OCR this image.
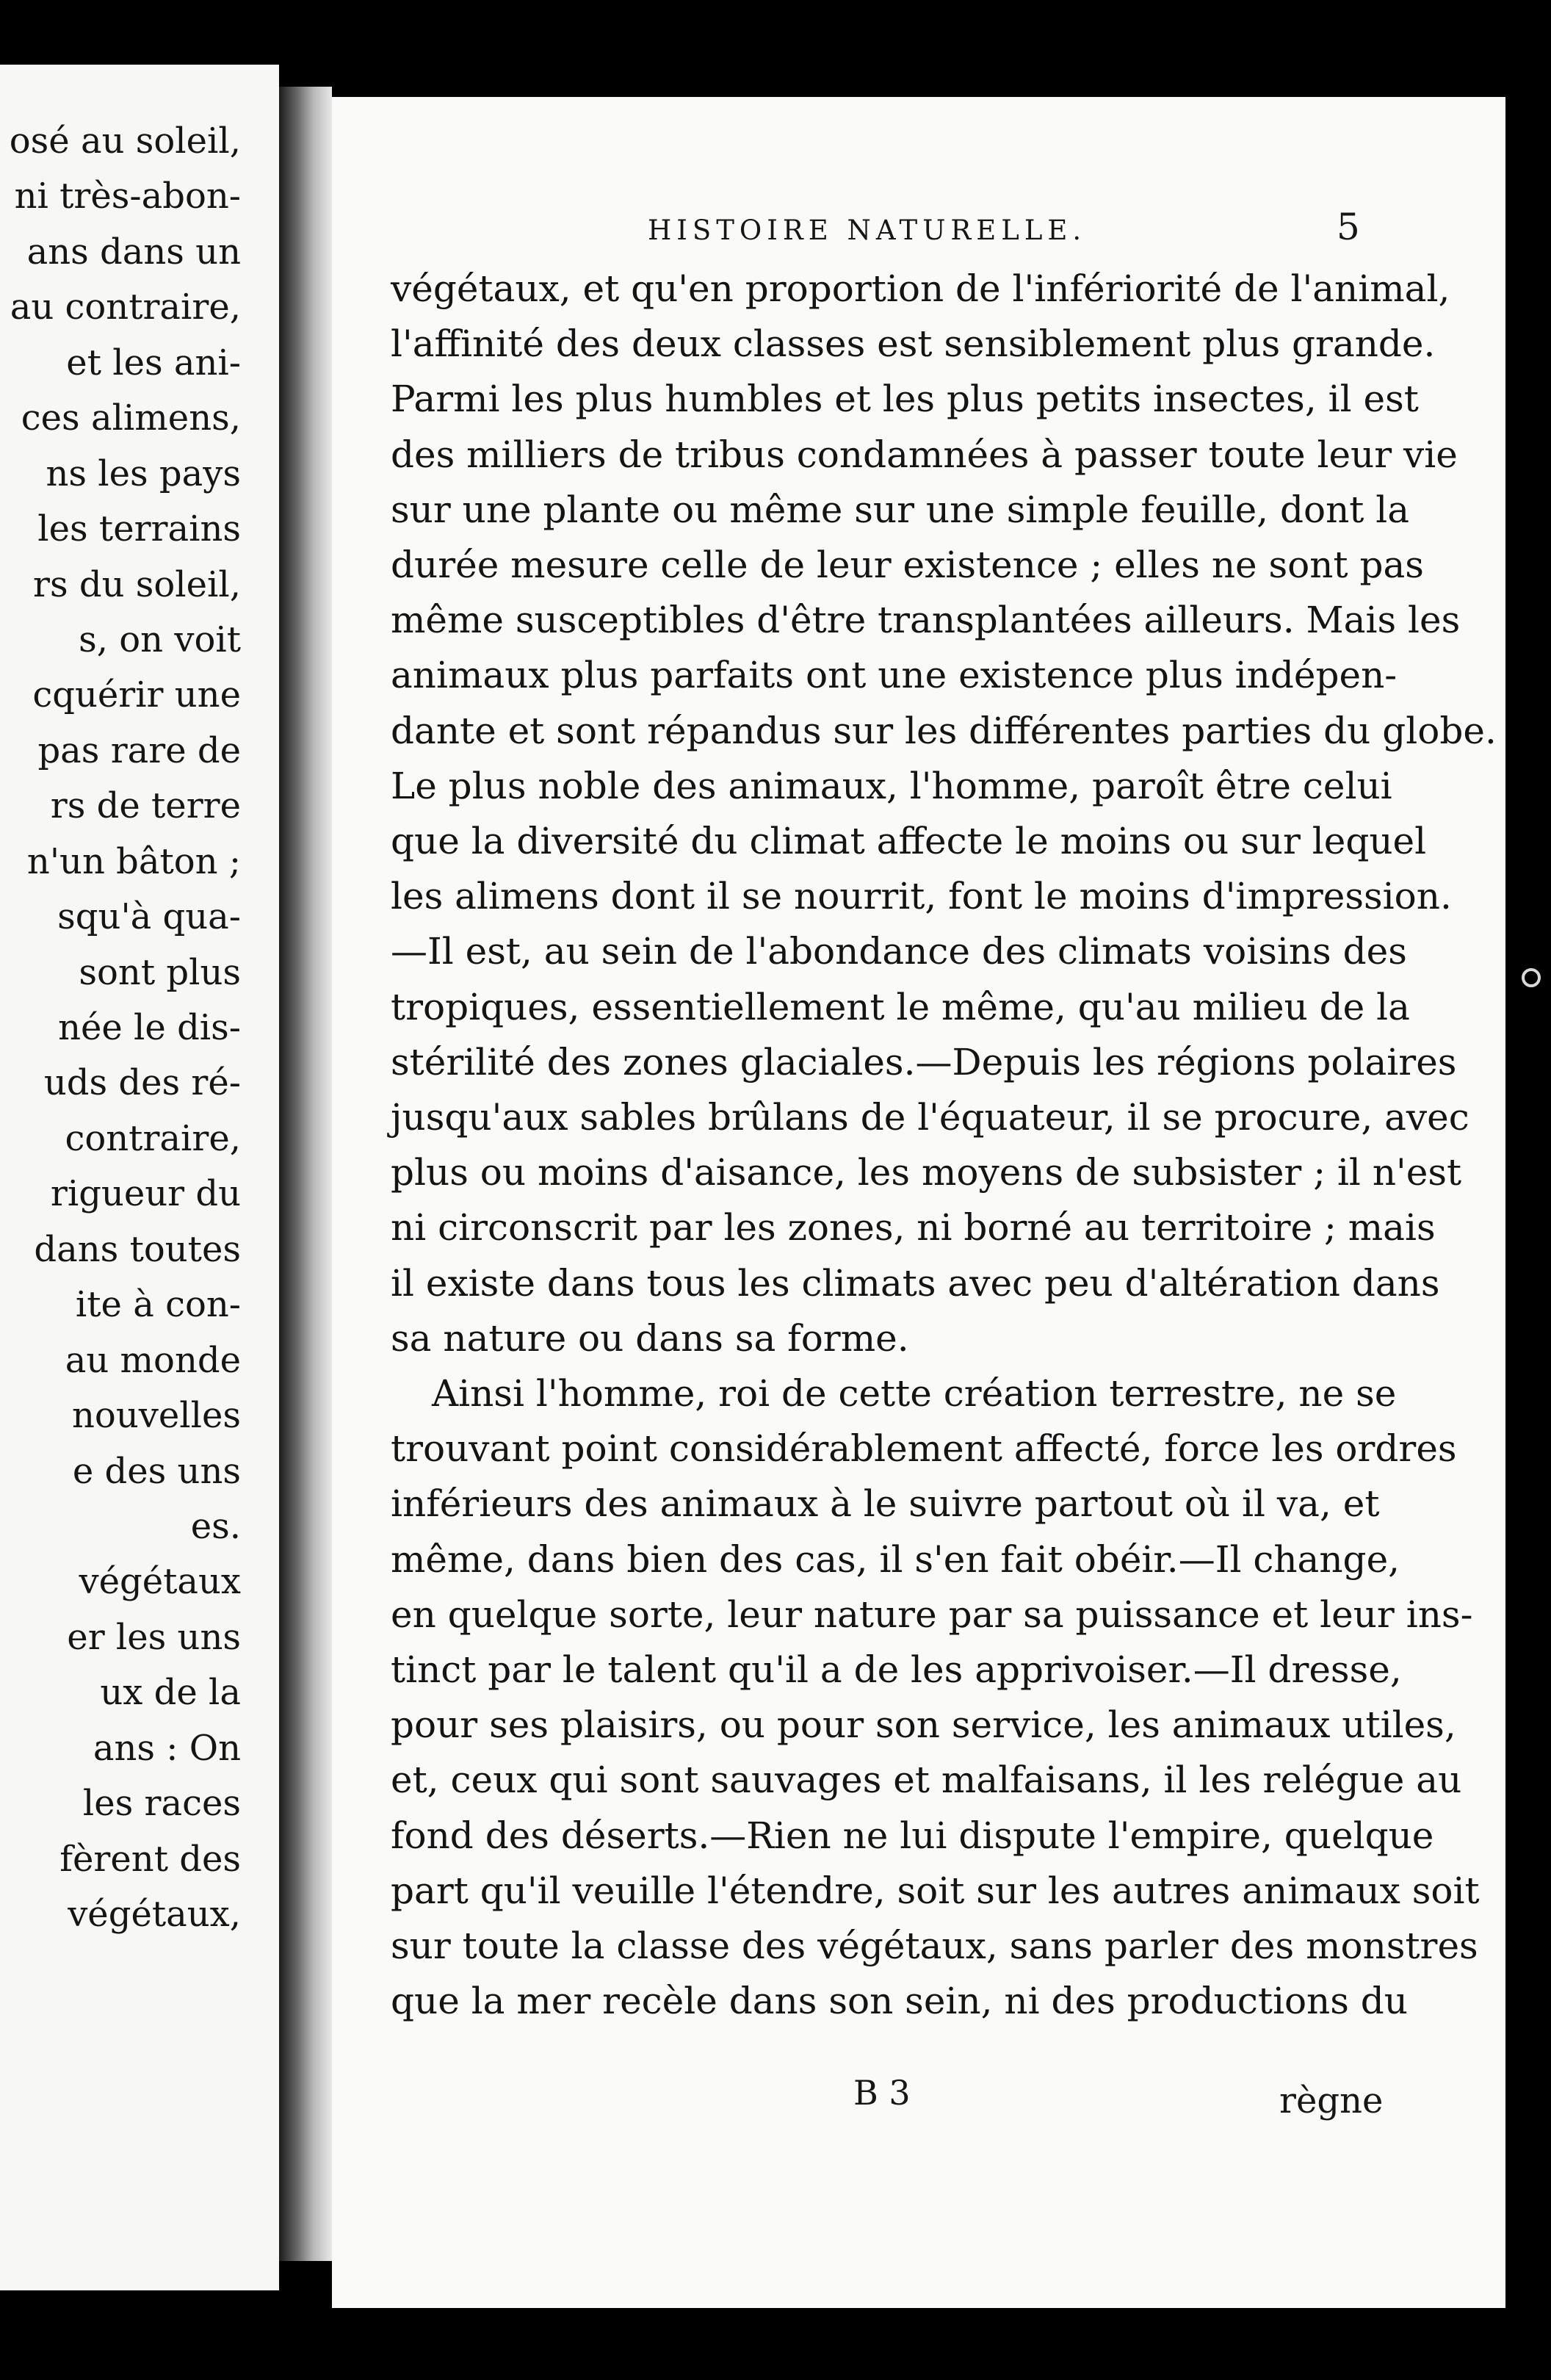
osé au soleil,
ni très-abon-
ans dans un
au contraire,
et les ani-
ces alimens,
ns les pays
les terrains
rs du soleil,
s, on voit
cquérir une
pas rare de
rs de terre
n'un bâton ;
squ'à qua-
sont plus
née le dis-
uds des ré-
contraire,
rigueur du
dans toutes
ite à con-
au monde
nouvelles
e des uns
es.
végétaux
er les uns
ux de la
ans : On
les races
fèrent des
végétaux,
HISTOIRE NATURELLE.	5
B 3	règne
végétaux, et qu'en proportion de l'infériorité de l'animal,
l'affinité des deux classes est sensiblement plus grande.
Parmi les plus humbles et les plus petits insectes, il est
des milliers de tribus condamnées à passer toute leur vie
sur une plante ou même sur une simple feuille, dont la
durée mesure celle de leur existence ; elles ne sont pas
même susceptibles d'être transplantées ailleurs. Mais les
animaux plus parfaits ont une existence plus indépen-
dante et sont répandus sur les différentes parties du globe.
Le plus noble des animaux, l'homme, paroît être celui
que la diversité du climat affecte le moins ou sur lequel
les alimens dont il se nourrit, font le moins d'impression.
—Il est, au sein de l'abondance des climats voisins des
tropiques, essentiellement le même, qu'au milieu de la
stérilité des zones glaciales.—Depuis les régions polaires
jusqu'aux sables brûlans de l'équateur, il se procure, avec
plus ou moins d'aisance, les moyens de subsister ; il n'est
ni circonscrit par les zones, ni borné au territoire ; mais
il existe dans tous les climats avec peu d'altération dans
sa nature ou dans sa forme.
Ainsi l'homme, roi de cette création terrestre, ne se
trouvant point considérablement affecté, force les ordres
inférieurs des animaux à le suivre partout où il va, et
même, dans bien des cas, il s'en fait obéir.—Il change,
en quelque sorte, leur nature par sa puissance et leur ins-
tinct par le talent qu'il a de les apprivoiser.—Il dresse,
pour ses plaisirs, ou pour son service, les animaux utiles,
et, ceux qui sont sauvages et malfaisans, il les relégue au
fond des déserts.—Rien ne lui dispute l'empire, quelque
part qu'il veuille l'étendre, soit sur les autres animaux soit
sur toute la classe des végétaux, sans parler des monstres
que la mer recèle dans son sein, ni des productions du
